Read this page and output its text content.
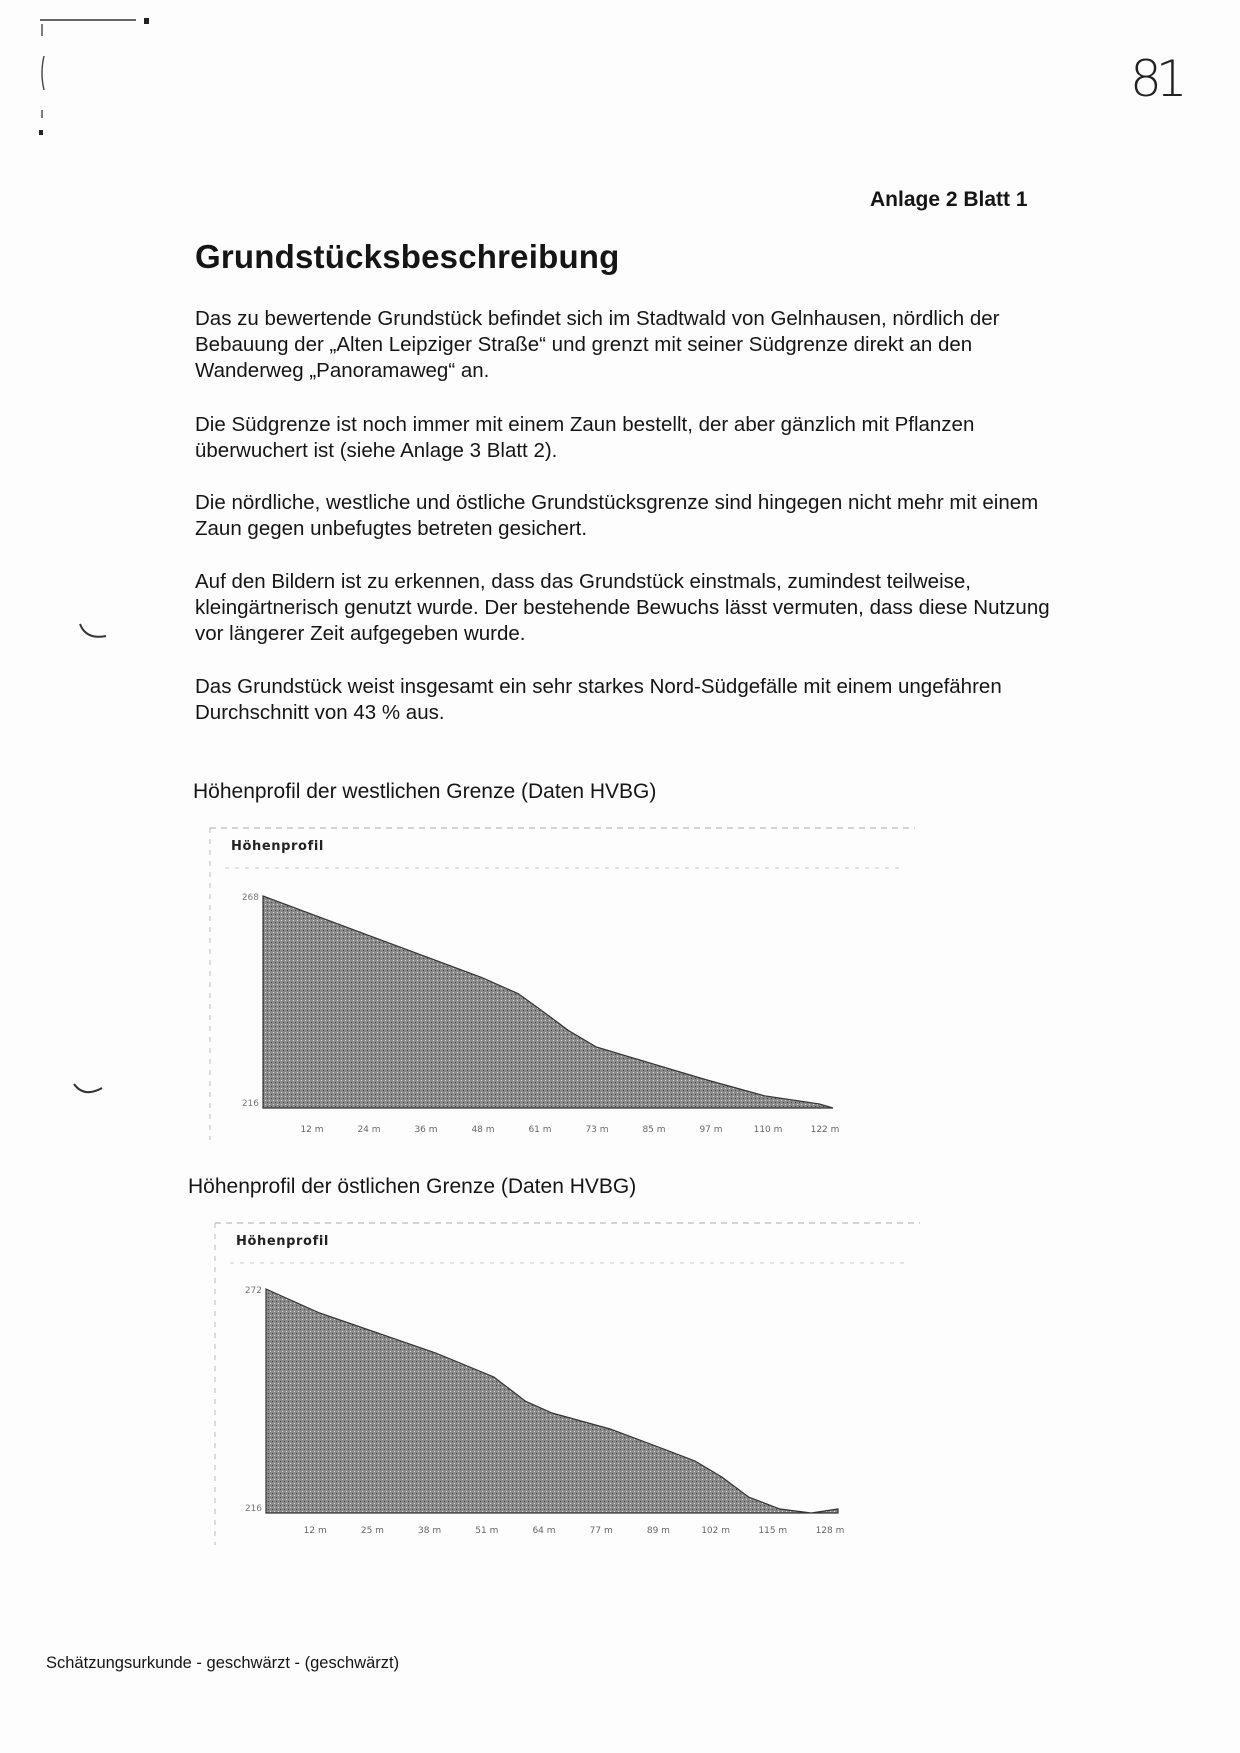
81
Anlage 2 Blatt 1
Grundstücksbeschreibung

Das zu bewertende Grundstück befindet sich im Stadtwald von Gelnhausen, nördlich der Bebauung der „Alten Leipziger Straße“ und grenzt mit seiner Südgrenze direkt an den Wanderweg „Panoramaweg“ an.

Die Südgrenze ist noch immer mit einem Zaun bestellt, der aber gänzlich mit Pflanzen überwuchert ist (siehe Anlage 3 Blatt 2).

Die nördliche, westliche und östliche Grundstücksgrenze sind hingegen nicht mehr mit einem Zaun gegen unbefugtes betreten gesichert.

Auf den Bildern ist zu erkennen, dass das Grundstück einstmals, zumindest teilweise, kleingärtnerisch genutzt wurde. Der bestehende Bewuchs lässt vermuten, dass diese Nutzung vor längerer Zeit aufgegeben wurde.

Das Grundstück weist insgesamt ein sehr starkes Nord-Südgefälle mit einem ungefähren Durchschnitt von 43 % aus.

Höhenprofil der westlichen Grenze (Daten HVBG)
Höhenprofil
268
216
12 m	24 m	36 m	48 m	61 m	73 m	85 m	97 m	110 m	122 m
Höhenprofil der östlichen Grenze (Daten HVBG)
Höhenprofil
272
216
12 m	25 m	38 m	51 m	64 m	77 m	89 m	102 m	115 m	128 m
Schätzungsurkunde - geschwärzt - (geschwärzt)
